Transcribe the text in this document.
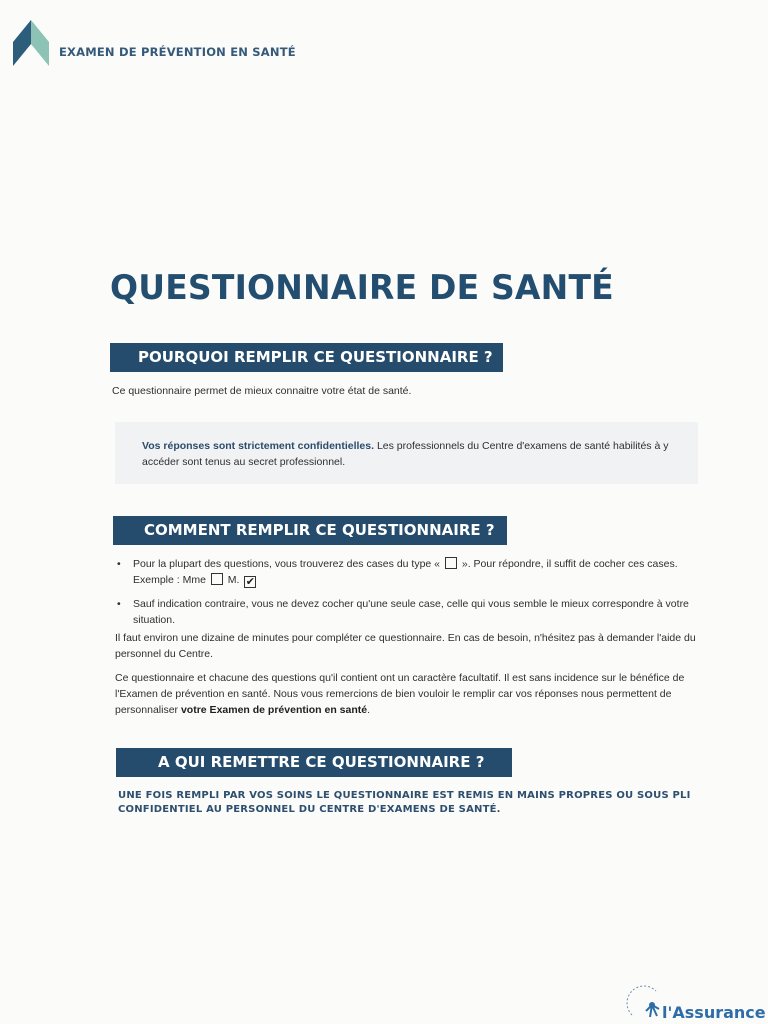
EXAMEN DE PRÉVENTION EN SANTÉ
QUESTIONNAIRE DE SANTÉ
POURQUOI REMPLIR CE QUESTIONNAIRE ?
Ce questionnaire permet de mieux connaitre votre état de santé.
Vos réponses sont strictement confidentielles. Les professionnels du Centre d'examens de santé habilités à y accéder sont tenus au secret professionnel.
COMMENT REMPLIR CE QUESTIONNAIRE ?
• Pour la plupart des questions, vous trouverez des cases du type « ». Pour répondre, il suffit de cocher ces cases.
Exemple : Mme M. ✔
• Sauf indication contraire, vous ne devez cocher qu'une seule case, celle qui vous semble le mieux correspondre à votre situation.

Il faut environ une dizaine de minutes pour compléter ce questionnaire. En cas de besoin, n'hésitez pas à demander l'aide du personnel du Centre.

Ce questionnaire et chacune des questions qu'il contient ont un caractère facultatif. Il est sans incidence sur le bénéfice de l'Examen de prévention en santé. Nous vous remercions de bien vouloir le remplir car vos réponses nous permettent de personnaliser votre Examen de prévention en santé.

A QUI REMETTRE CE QUESTIONNAIRE ?
UNE FOIS REMPLI PAR VOS SOINS LE QUESTIONNAIRE EST REMIS EN MAINS PROPRES OU SOUS PLI CONFIDENTIEL AU PERSONNEL DU CENTRE D'EXAMENS DE SANTÉ.
l'Assurance
